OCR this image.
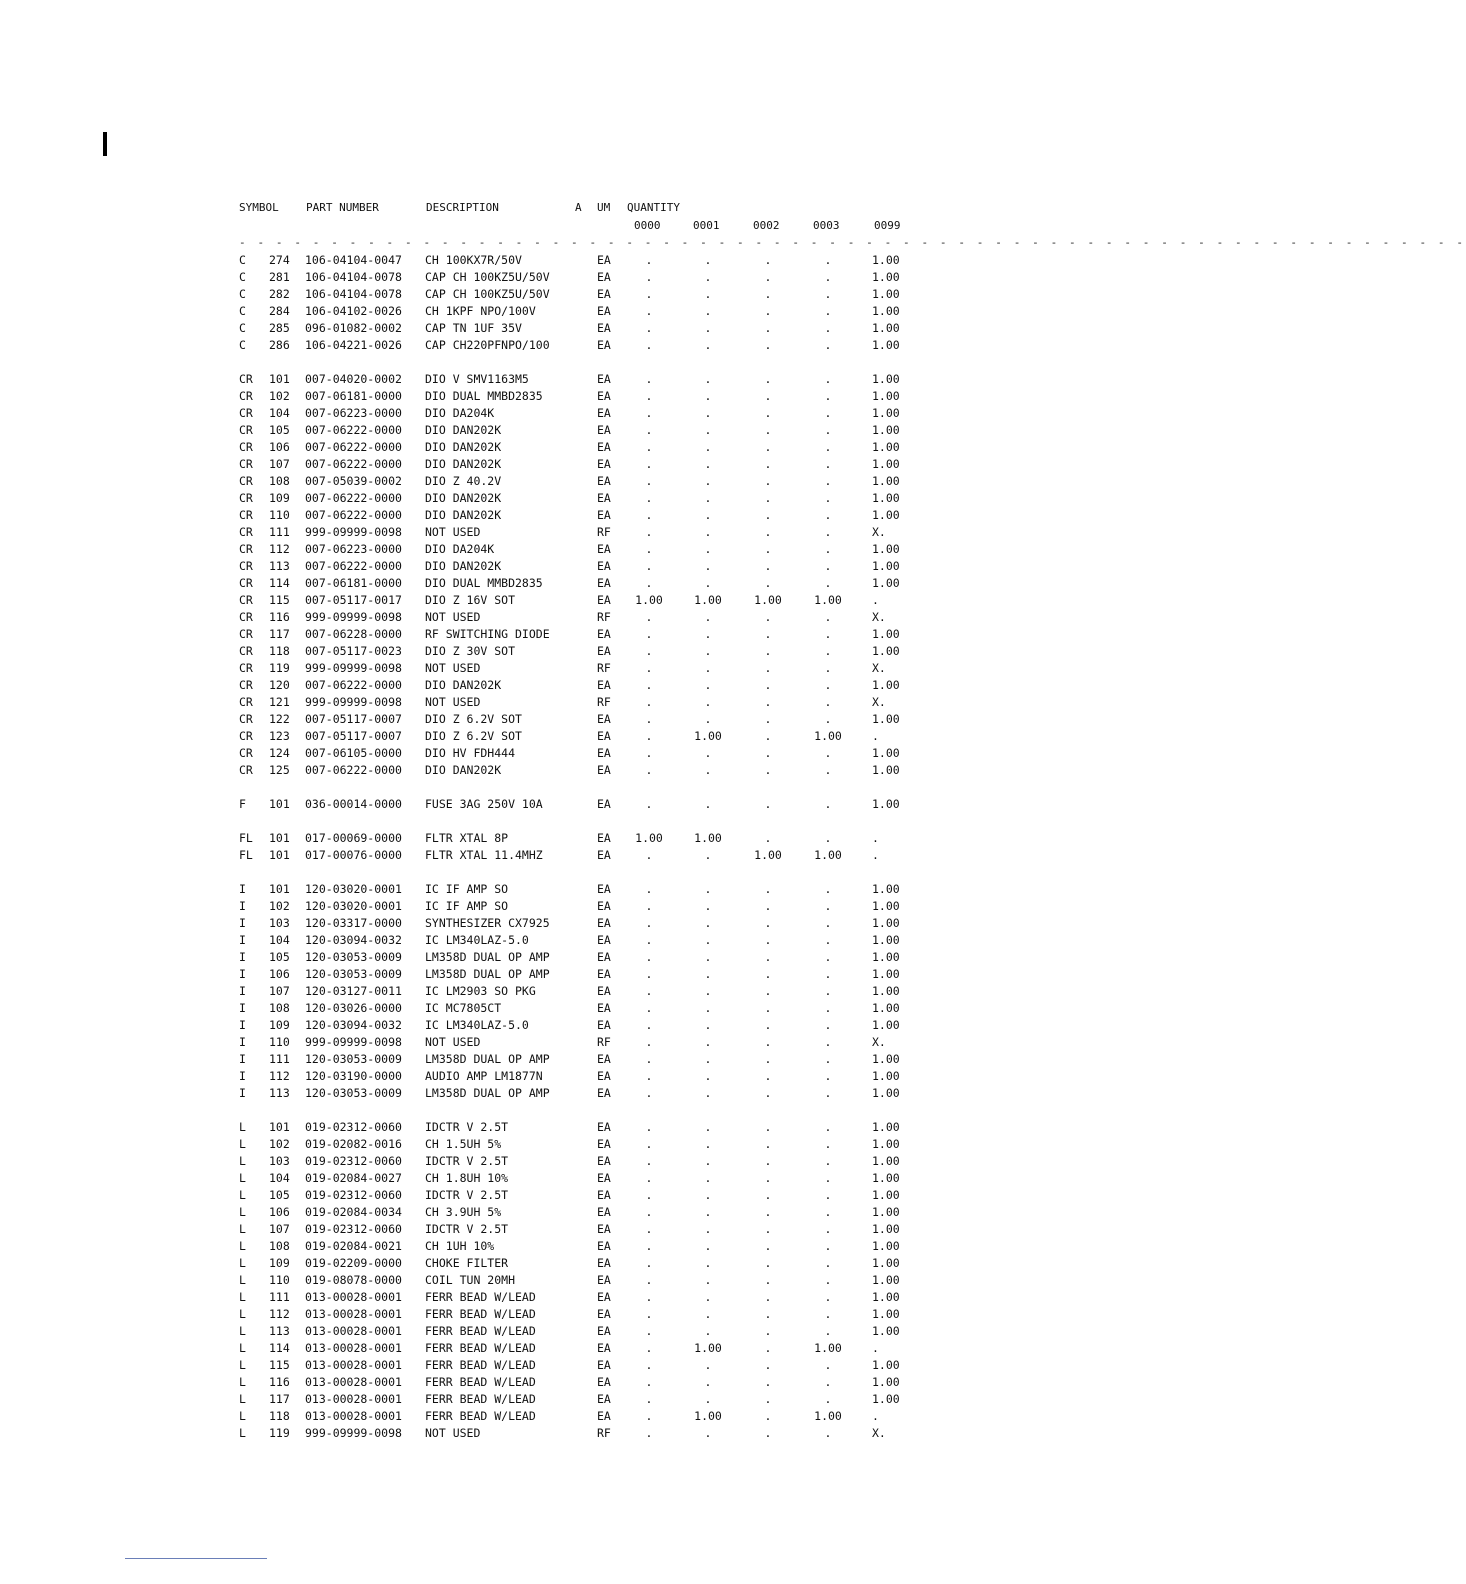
SYMBOL PART NUMBER	DESCRIPTION	A UM QUANTITY
0000	0001	0002	0003	0099
- - - - - - - - - - - - - - - - - - - - - - - - - - - - - - - - - - - - - - - - - - - - - - - - - - - - - - - - - - - - - - - - - - -
C 274 106-04104-0047 CH 100KX7R/50V	EA	.	.	.	.	1.00
C 281 106-04104-0078 CAP CH 100KZ5U/50V	EA	.	.	.	.	1.00
C 282 106-04104-0078 CAP CH 100KZ5U/50V	EA	.	.	.	.	1.00
C 284 106-04102-0026 CH 1KPF NPO/100V	EA	.	.	.	.	1.00
C 285 096-01082-0002 CAP TN 1UF 35V	EA	.	.	.	.	1.00
C 286 106-04221-0026 CAP CH220PFNPO/100	EA	.	.	.	.	1.00
CR 101 007-04020-0002 DIO V SMV1163M5	EA	.	.	.	.	1.00
CR 102 007-06181-0000 DIO DUAL MMBD2835	EA	.	.	.	.	1.00
CR 104 007-06223-0000 DIO DA204K	EA	.	.	.	.	1.00
CR 105 007-06222-0000 DIO DAN202K	EA	.	.	.	.	1.00
CR 106 007-06222-0000 DIO DAN202K	EA	.	.	.	.	1.00
CR 107 007-06222-0000 DIO DAN202K	EA	.	.	.	.	1.00
CR 108 007-05039-0002 DIO Z 40.2V	EA	.	.	.	.	1.00
CR 109 007-06222-0000 DIO DAN202K	EA	.	.	.	.	1.00
CR 110 007-06222-0000 DIO DAN202K	EA	.	.	.	.	1.00
CR 111 999-09999-0098 NOT USED	RF	.	.	.	.	X.
CR 112 007-06223-0000 DIO DA204K	EA	.	.	.	.	1.00
CR 113 007-06222-0000 DIO DAN202K	EA	.	.	.	.	1.00
CR 114 007-06181-0000 DIO DUAL MMBD2835	EA	.	.	.	.	1.00
CR 115 007-05117-0017 DIO Z 16V SOT	EA	1.00	1.00	1.00	1.00	.
CR 116 999-09999-0098 NOT USED	RF	.	.	.	.	X.
CR 117 007-06228-0000 RF SWITCHING DIODE	EA	.	.	.	.	1.00
CR 118 007-05117-0023 DIO Z 30V SOT	EA	.	.	.	.	1.00
CR 119 999-09999-0098 NOT USED	RF	.	.	.	.	X.
CR 120 007-06222-0000 DIO DAN202K	EA	.	.	.	.	1.00
CR 121 999-09999-0098 NOT USED	RF	.	.	.	.	X.
CR 122 007-05117-0007 DIO Z 6.2V SOT	EA	.	.	.	.	1.00
CR 123 007-05117-0007 DIO Z 6.2V SOT	EA	.	1.00	.	1.00	.
CR 124 007-06105-0000 DIO HV FDH444	EA	.	.	.	.	1.00
CR 125 007-06222-0000 DIO DAN202K	EA	.	.	.	.	1.00
F 101 036-00014-0000 FUSE 3AG 250V 10A	EA	.	.	.	.	1.00
FL 101 017-00069-0000 FLTR XTAL 8P	EA	1.00	1.00	.	.	.
FL 101 017-00076-0000 FLTR XTAL 11.4MHZ	EA	.	.	1.00	1.00	.
I 101 120-03020-0001 IC IF AMP SO	EA	.	.	.	.	1.00
I 102 120-03020-0001 IC IF AMP SO	EA	.	.	.	.	1.00
I 103 120-03317-0000 SYNTHESIZER CX7925	EA	.	.	.	.	1.00
I 104 120-03094-0032 IC LM340LAZ-5.0	EA	.	.	.	.	1.00
I 105 120-03053-0009 LM358D DUAL OP AMP	EA	.	.	.	.	1.00
I 106 120-03053-0009 LM358D DUAL OP AMP	EA	.	.	.	.	1.00
I 107 120-03127-0011 IC LM2903 SO PKG	EA	.	.	.	.	1.00
I 108 120-03026-0000 IC MC7805CT	EA	.	.	.	.	1.00
I 109 120-03094-0032 IC LM340LAZ-5.0	EA	.	.	.	.	1.00
I 110 999-09999-0098 NOT USED	RF	.	.	.	.	X.
I 111 120-03053-0009 LM358D DUAL OP AMP	EA	.	.	.	.	1.00
I 112 120-03190-0000 AUDIO AMP LM1877N	EA	.	.	.	.	1.00
I 113 120-03053-0009 LM358D DUAL OP AMP	EA	.	.	.	.	1.00
L 101 019-02312-0060 IDCTR V 2.5T	EA	.	.	.	.	1.00
L 102 019-02082-0016 CH 1.5UH 5%	EA	.	.	.	.	1.00
L 103 019-02312-0060 IDCTR V 2.5T	EA	.	.	.	.	1.00
L 104 019-02084-0027 CH 1.8UH 10%	EA	.	.	.	.	1.00
L 105 019-02312-0060 IDCTR V 2.5T	EA	.	.	.	.	1.00
L 106 019-02084-0034 CH 3.9UH 5%	EA	.	.	.	.	1.00
L 107 019-02312-0060 IDCTR V 2.5T	EA	.	.	.	.	1.00
L 108 019-02084-0021 CH 1UH 10%	EA	.	.	.	.	1.00
L 109 019-02209-0000 CHOKE FILTER	EA	.	.	.	.	1.00
L 110 019-08078-0000 COIL TUN 20MH	EA	.	.	.	.	1.00
L 111 013-00028-0001 FERR BEAD W/LEAD	EA	.	.	.	.	1.00
L 112 013-00028-0001 FERR BEAD W/LEAD	EA	.	.	.	.	1.00
L 113 013-00028-0001 FERR BEAD W/LEAD	EA	.	.	.	.	1.00
L 114 013-00028-0001 FERR BEAD W/LEAD	EA	.	1.00	.	1.00	.
L 115 013-00028-0001 FERR BEAD W/LEAD	EA	.	.	.	.	1.00
L 116 013-00028-0001 FERR BEAD W/LEAD	EA	.	.	.	.	1.00
L 117 013-00028-0001 FERR BEAD W/LEAD	EA	.	.	.	.	1.00
L 118 013-00028-0001 FERR BEAD W/LEAD	EA	.	1.00	.	1.00	.
L 119 999-09999-0098 NOT USED	RF	.	.	.	.	X.
